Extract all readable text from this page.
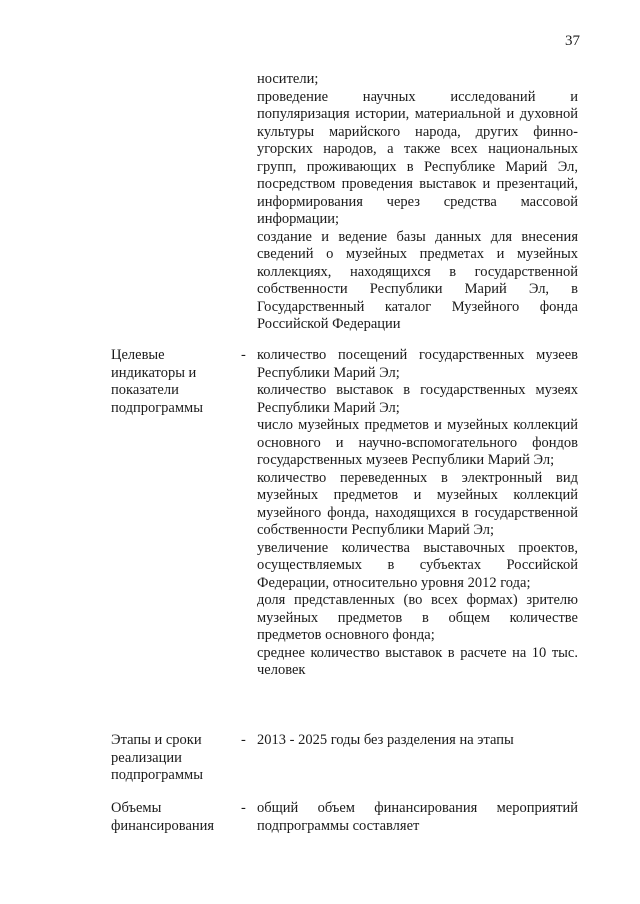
37

носители;

проведение научных исследований и популяризация истории, материальной и духовной культуры марийского народа, других финно-угорских народов, а также всех национальных групп, проживающих в Республике Марий Эл, посредством проведения выставок и презентаций, информирования через средства массовой информации;

создание и ведение базы данных для внесения сведений о музейных предметах и музейных коллекциях, находящихся в государственной собственности Республики Марий Эл, в Государственный каталог Музейного фонда Российской Федерации

Целевые индикаторы и показатели подпрограммы
- количество посещений государственных музеев Республики Марий Эл;

количество выставок в государственных музеях Республики Марий Эл;

число музейных предметов и музейных коллекций основного и научно-вспомогательного фондов государственных музеев Республики Марий Эл;

количество переведенных в электронный вид музейных предметов и музейных коллекций музейного фонда, находящихся в государственной собственности Республики Марий Эл;

увеличение количества выставочных проектов, осуществляемых в субъектах Российской Федерации, относительно уровня 2012 года;

доля представленных (во всех формах) зрителю музейных предметов в общем количестве предметов основного фонда;

среднее количество выставок в расчете на 10 тыс. человек

Этапы и сроки реализации подпрограммы
- 2013 - 2025 годы без разделения на этапы

Объемы финансирования
- общий объем финансирования мероприятий подпрограммы составляет
